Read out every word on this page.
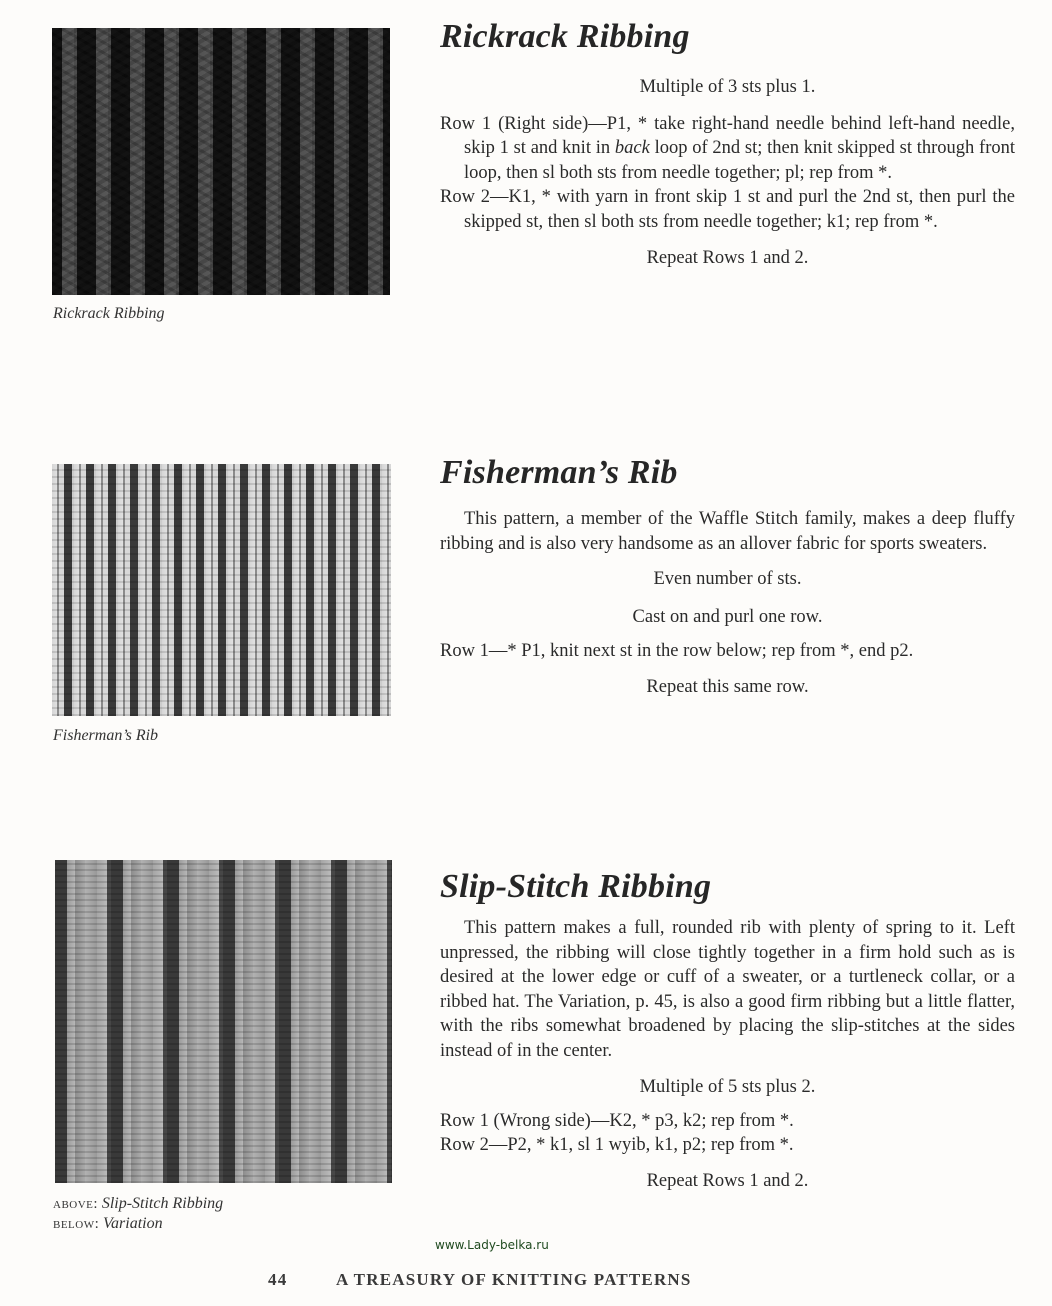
Rickrack Ribbing

Rickrack Ribbing

Multiple of 3 sts plus 1.

Row 1 (Right side)—P1, * take right-hand needle behind left-hand needle, skip 1 st and knit in back loop of 2nd st; then knit skipped st through front loop, then sl both sts from needle together; pl; rep from *.

Row 2—K1, * with yarn in front skip 1 st and purl the 2nd st, then purl the skipped st, then sl both sts from needle together; k1; rep from *.

Repeat Rows 1 and 2.

Fisherman’s Rib

Fisherman’s Rib

This pattern, a member of the Waffle Stitch family, makes a deep fluffy ribbing and is also very handsome as an allover fabric for sports sweaters.

Even number of sts.

Cast on and purl one row.

Row 1—* P1, knit next st in the row below; rep from *, end p2.

Repeat this same row.

above: Slip-Stitch Ribbing
below: Variation
Slip-Stitch Ribbing

This pattern makes a full, rounded rib with plenty of spring to it. Left unpressed, the ribbing will close tightly together in a firm hold such as is desired at the lower edge or cuff of a sweater, or a turtleneck collar, or a ribbed hat. The Variation, p. 45, is also a good firm ribbing but a little flatter, with the ribs somewhat broadened by placing the slip-stitches at the sides instead of in the center.

Multiple of 5 sts plus 2.

Row 1 (Wrong side)—K2, * p3, k2; rep from *.

Row 2—P2, * k1, sl 1 wyib, k1, p2; rep from *.

Repeat Rows 1 and 2.

www.Lady-belka.ru
44	A TREASURY OF KNITTING PATTERNS
